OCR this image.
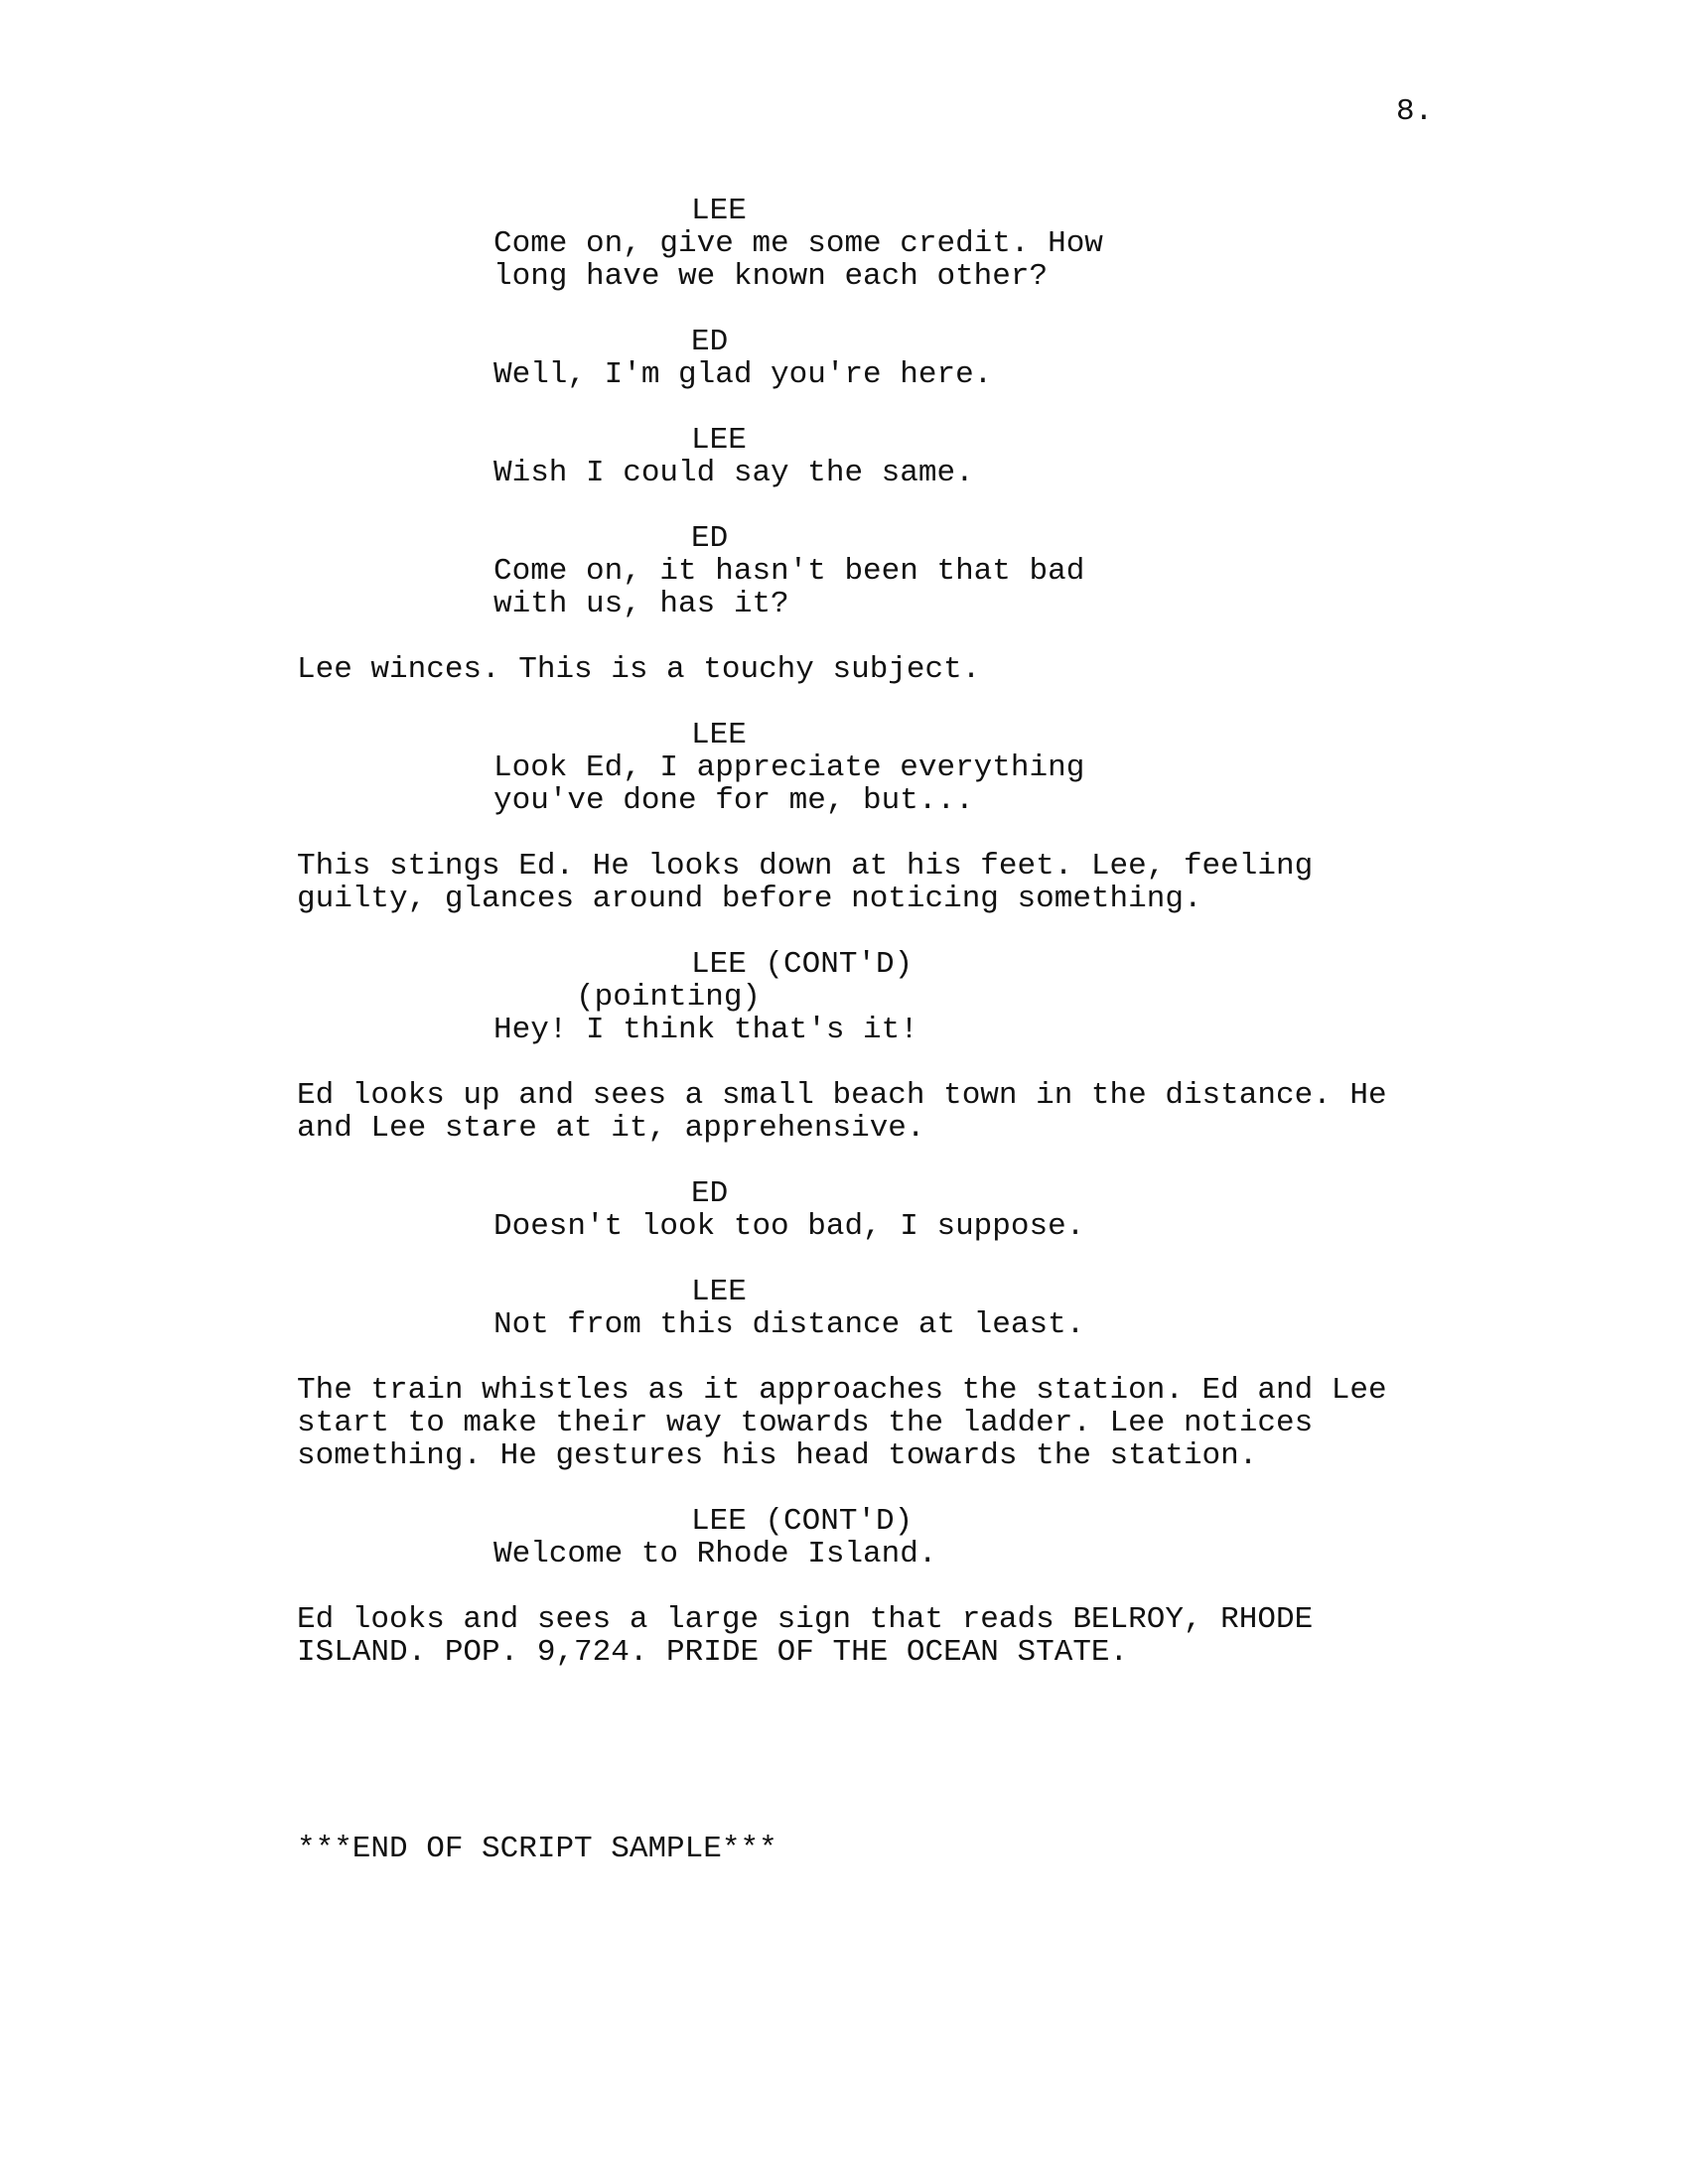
8.
LEE
Come on, give me some credit. How
long have we known each other?
ED
Well, I'm glad you're here.
LEE
Wish I could say the same.
ED
Come on, it hasn't been that bad
with us, has it?
Lee winces. This is a touchy subject.
LEE
Look Ed, I appreciate everything
you've done for me, but...
This stings Ed. He looks down at his feet. Lee, feeling
guilty, glances around before noticing something.
LEE (CONT'D)
(pointing)
Hey! I think that's it!
Ed looks up and sees a small beach town in the distance. He
and Lee stare at it, apprehensive.
ED
Doesn't look too bad, I suppose.
LEE
Not from this distance at least.
The train whistles as it approaches the station. Ed and Lee
start to make their way towards the ladder. Lee notices
something. He gestures his head towards the station.
LEE (CONT'D)
Welcome to Rhode Island.
Ed looks and sees a large sign that reads BELROY, RHODE
ISLAND. POP. 9,724. PRIDE OF THE OCEAN STATE.
***END OF SCRIPT SAMPLE***
